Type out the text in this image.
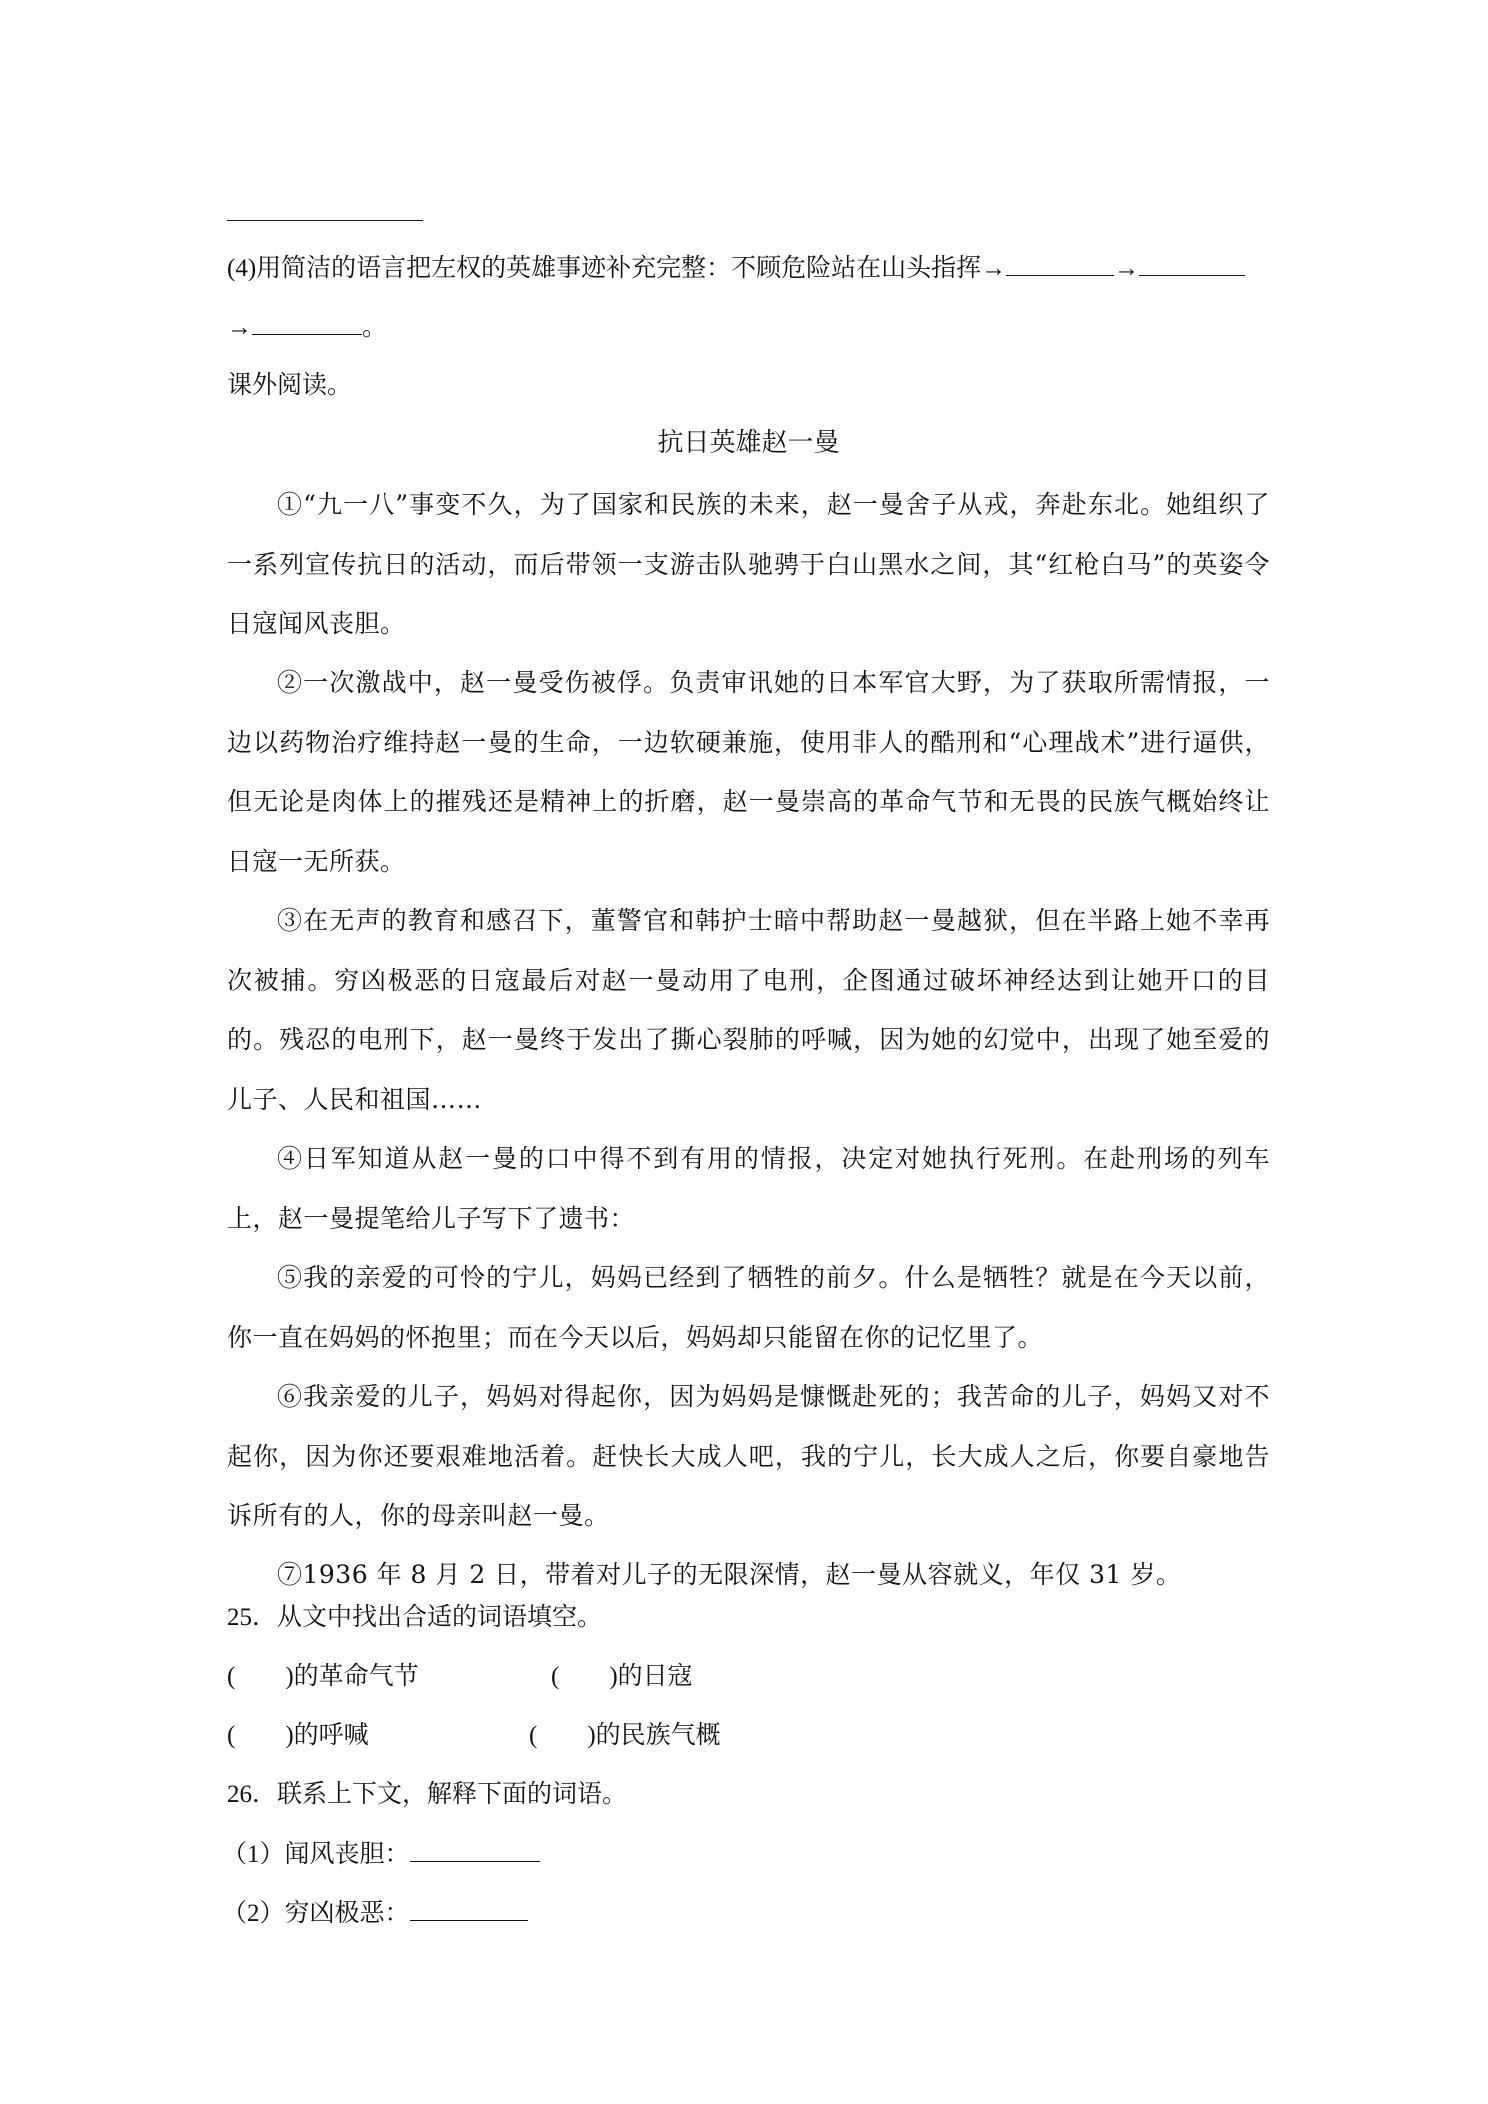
(4)用简洁的语言把左权的英雄事迹补充完整：不顾危险站在山头指挥→	→
→	。
课外阅读。
抗日英雄赵一曼
①“九一八”事变不久，为了国家和民族的未来，赵一曼舍子从戎，奔赴东北。她组织了一系列宣传抗日的活动，而后带领一支游击队驰骋于白山黑水之间，其“红枪白马”的英姿令日寇闻风丧胆。
②一次激战中，赵一曼受伤被俘。负责审讯她的日本军官大野，为了获取所需情报，一边以药物治疗维持赵一曼的生命，一边软硬兼施，使用非人的酷刑和“心理战术”进行逼供，但无论是肉体上的摧残还是精神上的折磨，赵一曼崇高的革命气节和无畏的民族气概始终让日寇一无所获。
③在无声的教育和感召下，董警官和韩护士暗中帮助赵一曼越狱，但在半路上她不幸再次被捕。穷凶极恶的日寇最后对赵一曼动用了电刑，企图通过破坏神经达到让她开口的目的。残忍的电刑下，赵一曼终于发出了撕心裂肺的呼喊，因为她的幻觉中，出现了她至爱的儿子、人民和祖国……
④日军知道从赵一曼的口中得不到有用的情报，决定对她执行死刑。在赴刑场的列车上，赵一曼提笔给儿子写下了遗书：
⑤我的亲爱的可怜的宁儿，妈妈已经到了牺牲的前夕。什么是牺牲？就是在今天以前，你一直在妈妈的怀抱里；而在今天以后，妈妈却只能留在你的记忆里了。
⑥我亲爱的儿子，妈妈对得起你，因为妈妈是慷慨赴死的；我苦命的儿子，妈妈又对不起你，因为你还要艰难地活着。赶快长大成人吧，我的宁儿，长大成人之后，你要自豪地告诉所有的人，你的母亲叫赵一曼。
⑦1936 年 8 月 2 日，带着对儿子的无限深情，赵一曼从容就义，年仅 31 岁。
25．从文中找出合适的词语填空。
( )的革命气节	( )的日寇
( )的呼喊	( )的民族气概
26．联系上下文，解释下面的词语。
（1）闻风丧胆：
（2）穷凶极恶：
